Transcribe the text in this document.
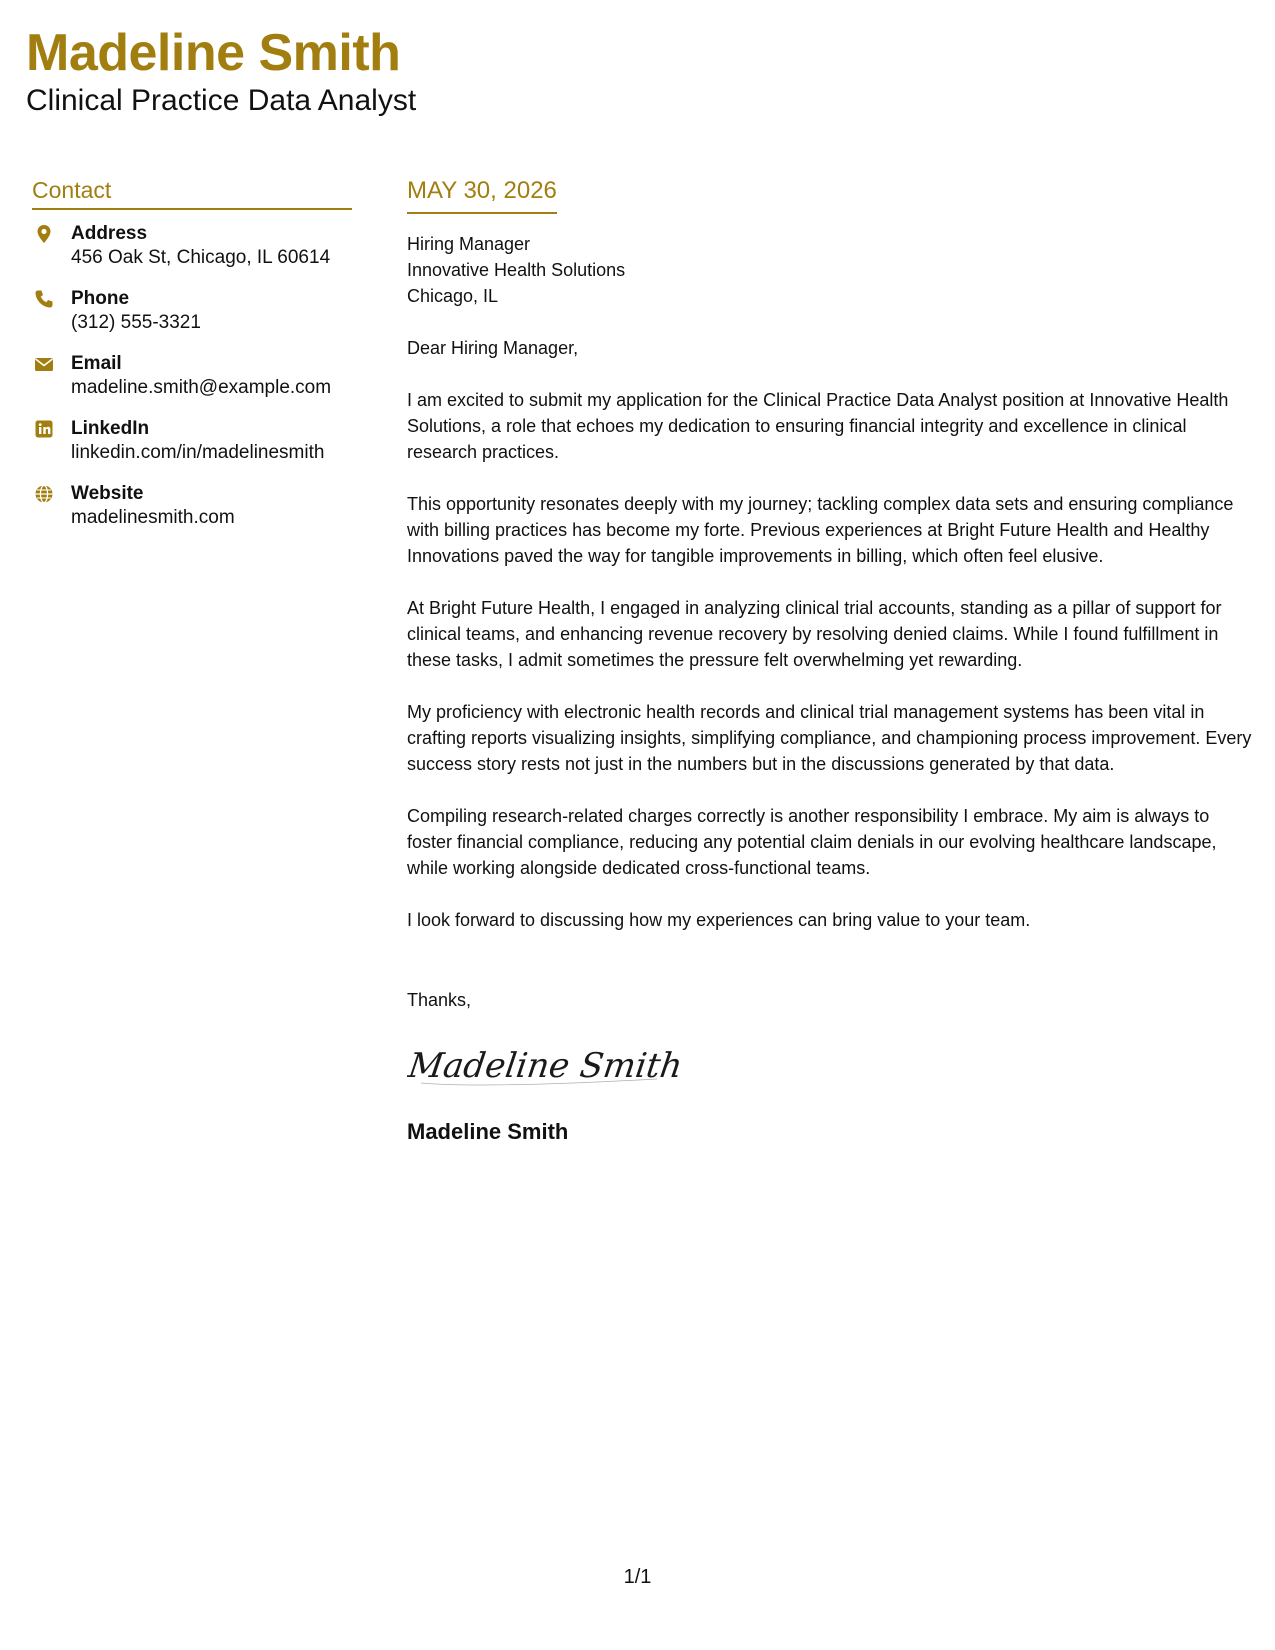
Madeline Smith
Clinical Practice Data Analyst
Contact
Address
456 Oak St, Chicago, IL 60614
Phone
(312) 555-3321
Email
madeline.smith@example.com
LinkedIn
linkedin.com/in/madelinesmith
Website
madelinesmith.com
MAY 30, 2026
Hiring Manager
Innovative Health Solutions
Chicago, IL
Dear Hiring Manager,
I am excited to submit my application for the Clinical Practice Data Analyst position at Innovative Health Solutions, a role that echoes my dedication to ensuring financial integrity and excellence in clinical research practices.
This opportunity resonates deeply with my journey; tackling complex data sets and ensuring compliance with billing practices has become my forte. Previous experiences at Bright Future Health and Healthy Innovations paved the way for tangible improvements in billing, which often feel elusive.
At Bright Future Health, I engaged in analyzing clinical trial accounts, standing as a pillar of support for clinical teams, and enhancing revenue recovery by resolving denied claims. While I found fulfillment in these tasks, I admit sometimes the pressure felt overwhelming yet rewarding.
My proficiency with electronic health records and clinical trial management systems has been vital in crafting reports visualizing insights, simplifying compliance, and championing process improvement. Every success story rests not just in the numbers but in the discussions generated by that data.
Compiling research-related charges correctly is another responsibility I embrace. My aim is always to foster financial compliance, reducing any potential claim denials in our evolving healthcare landscape, while working alongside dedicated cross-functional teams.
I look forward to discussing how my experiences can bring value to your team.
Thanks,
Madeline Smith
Madeline Smith
1/1
